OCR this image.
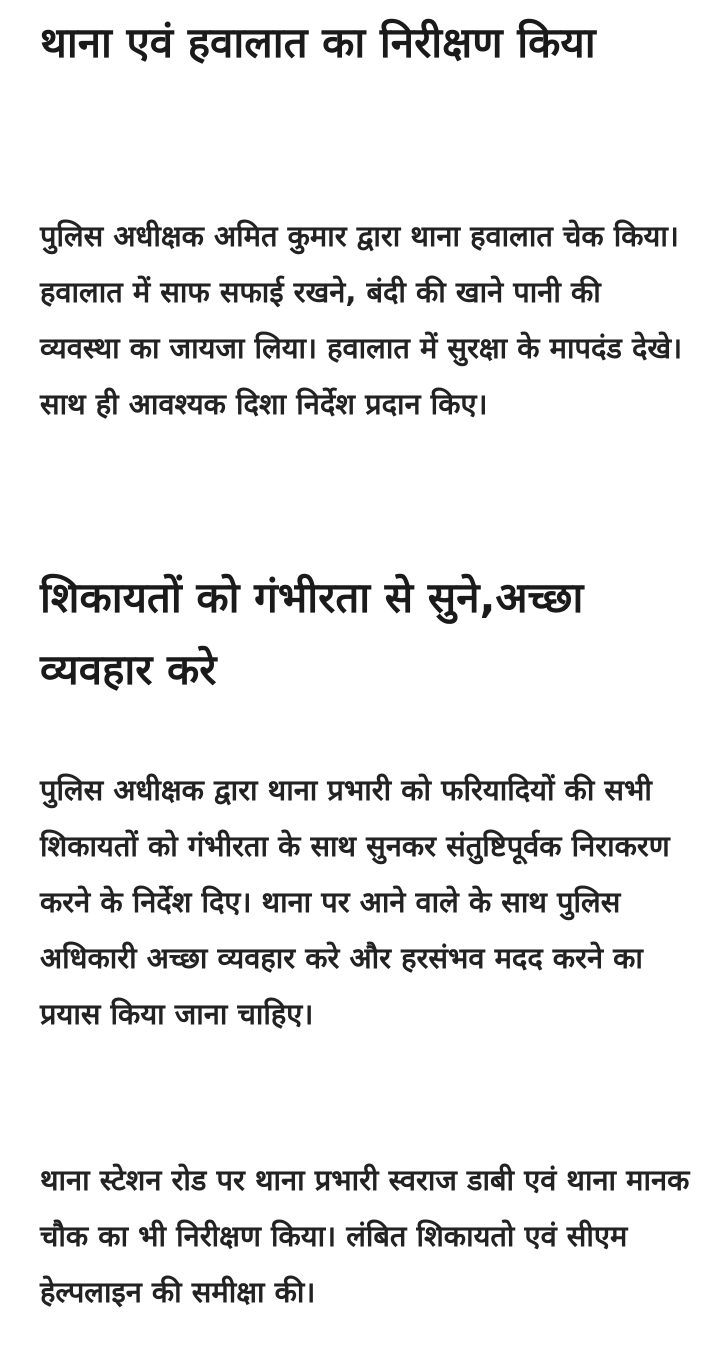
थाना एवं हवालात का निरीक्षण किया

पुलिस अधीक्षक अमित कुमार द्वारा थाना हवालात चेक किया। हवालात में साफ सफाई रखने, बंदी की खाने पानी की व्यवस्था का जायजा लिया। हवालात में सुरक्षा के मापदंड देखे। साथ ही आवश्यक दिशा निर्देश प्रदान किए।

शिकायतों को गंभीरता से सुने,अच्छा व्यवहार करे

पुलिस अधीक्षक द्वारा थाना प्रभारी को फरियादियों की सभी शिकायतों को गंभीरता के साथ सुनकर संतुष्टिपूर्वक निराकरण करने के निर्देश दिए। थाना पर आने वाले के साथ पुलिस अधिकारी अच्छा व्यवहार करे और हरसंभव मदद करने का प्रयास किया जाना चाहिए।

थाना स्टेशन रोड पर थाना प्रभारी स्वराज डाबी एवं थाना मानक चौक का भी निरीक्षण किया। लंबित शिकायतो एवं सीएम हेल्पलाइन की समीक्षा की।
